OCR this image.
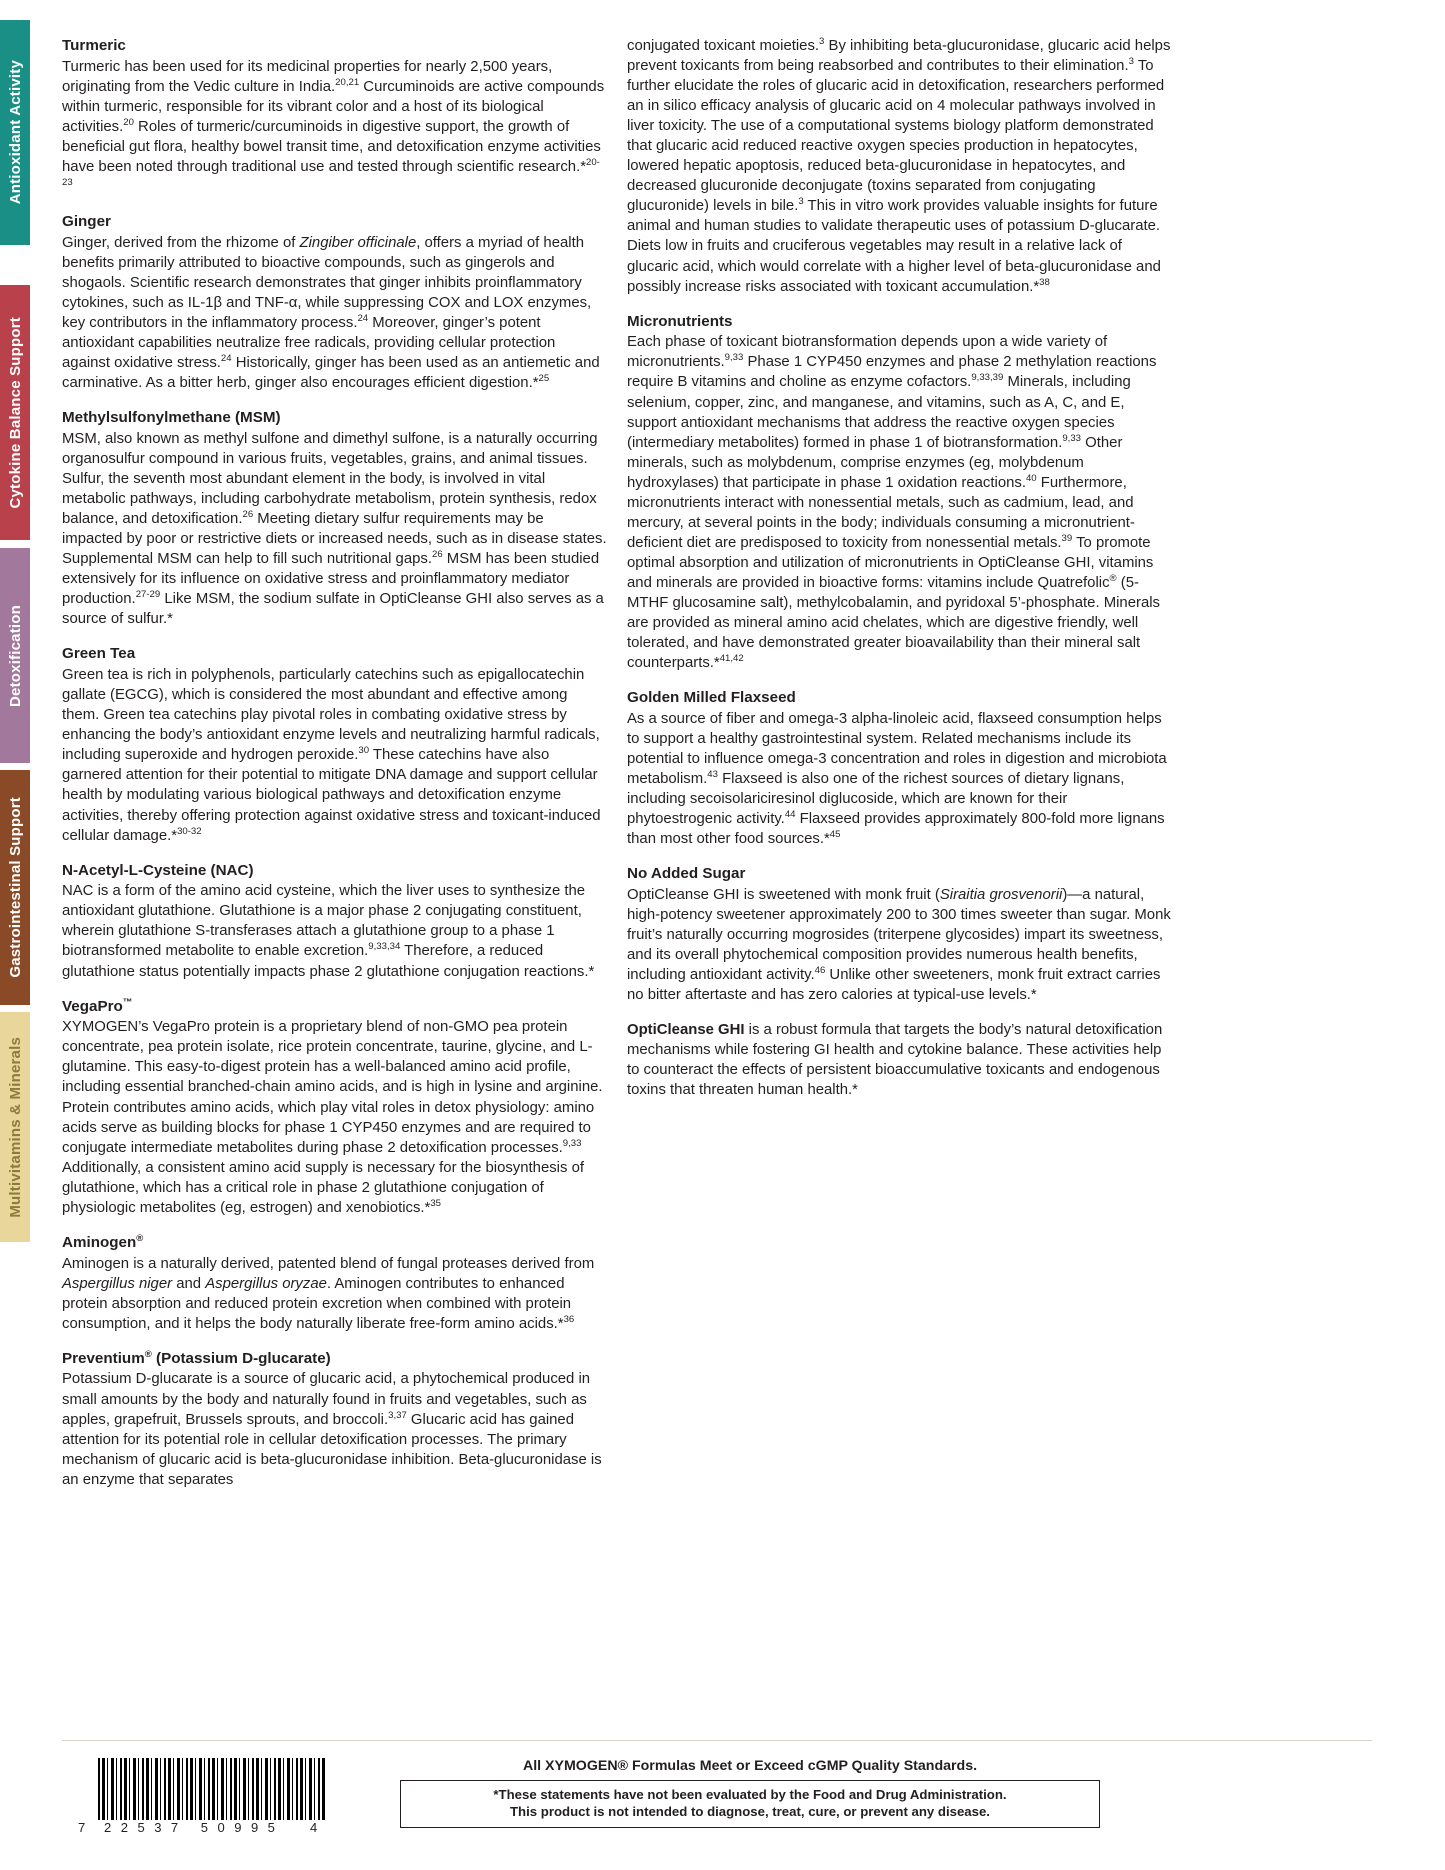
Antioxidant Activity
Cytokine Balance Support
Detoxification
Gastrointestinal Support
Multivitamins & Minerals
Turmeric

Turmeric has been used for its medicinal properties for nearly 2,500 years, originating from the Vedic culture in India.$^{20,21}$ Curcuminoids are active compounds within turmeric, responsible for its vibrant color and a host of its biological activities.$^{20}$ Roles of turmeric/curcuminoids in digestive support, the growth of beneficial gut flora, healthy bowel transit time, and detoxification enzyme activities have been noted through traditional use and tested through scientific research.*$^{20-23}$

Ginger

Ginger, derived from the rhizome of Zingiber officinale, offers a myriad of health benefits primarily attributed to bioactive compounds, such as gingerols and shogaols. Scientific research demonstrates that ginger inhibits proinflammatory cytokines, such as IL-1β and TNF-α, while suppressing COX and LOX enzymes, key contributors in the inflammatory process.$^{24}$ Moreover, ginger’s potent antioxidant capabilities neutralize free radicals, providing cellular protection against oxidative stress.$^{24}$ Historically, ginger has been used as an antiemetic and carminative. As a bitter herb, ginger also encourages efficient digestion.*$^{25}$

Methylsulfonylmethane (MSM)

MSM, also known as methyl sulfone and dimethyl sulfone, is a naturally occurring organosulfur compound in various fruits, vegetables, grains, and animal tissues. Sulfur, the seventh most abundant element in the body, is involved in vital metabolic pathways, including carbohydrate metabolism, protein synthesis, redox balance, and detoxification.$^{26}$ Meeting dietary sulfur requirements may be impacted by poor or restrictive diets or increased needs, such as in disease states. Supplemental MSM can help to fill such nutritional gaps.$^{26}$ MSM has been studied extensively for its influence on oxidative stress and proinflammatory mediator production.$^{27-29}$ Like MSM, the sodium sulfate in OptiCleanse GHI also serves as a source of sulfur.*

Green Tea

Green tea is rich in polyphenols, particularly catechins such as epigallocatechin gallate (EGCG), which is considered the most abundant and effective among them. Green tea catechins play pivotal roles in combating oxidative stress by enhancing the body’s antioxidant enzyme levels and neutralizing harmful radicals, including superoxide and hydrogen peroxide.$^{30}$ These catechins have also garnered attention for their potential to mitigate DNA damage and support cellular health by modulating various biological pathways and detoxification enzyme activities, thereby offering protection against oxidative stress and toxicant-induced cellular damage.*$^{30-32}$

N-Acetyl-L-Cysteine (NAC)

NAC is a form of the amino acid cysteine, which the liver uses to synthesize the antioxidant glutathione. Glutathione is a major phase 2 conjugating constituent, wherein glutathione S-transferases attach a glutathione group to a phase 1 biotransformed metabolite to enable excretion.$^{9,33,34}$ Therefore, a reduced glutathione status potentially impacts phase 2 glutathione conjugation reactions.*

VegaPro™

XYMOGEN’s VegaPro protein is a proprietary blend of non-GMO pea protein concentrate, pea protein isolate, rice protein concentrate, taurine, glycine, and L-glutamine. This easy-to-digest protein has a well-balanced amino acid profile, including essential branched-chain amino acids, and is high in lysine and arginine. Protein contributes amino acids, which play vital roles in detox physiology: amino acids serve as building blocks for phase 1 CYP450 enzymes and are required to conjugate intermediate metabolites during phase 2 detoxification processes.$^{9,33}$ Additionally, a consistent amino acid supply is necessary for the biosynthesis of glutathione, which has a critical role in phase 2 glutathione conjugation of physiologic metabolites (eg, estrogen) and xenobiotics.*$^{35}$

Aminogen®

Aminogen is a naturally derived, patented blend of fungal proteases derived from Aspergillus niger and Aspergillus oryzae. Aminogen contributes to enhanced protein absorption and reduced protein excretion when combined with protein consumption, and it helps the body naturally liberate free-form amino acids.*$^{36}$

Preventium® (Potassium D-glucarate)

Potassium D-glucarate is a source of glucaric acid, a phytochemical produced in small amounts by the body and naturally found in fruits and vegetables, such as apples, grapefruit, Brussels sprouts, and broccoli.$^{3,37}$ Glucaric acid has gained attention for its potential role in cellular detoxification processes. The primary mechanism of glucaric acid is beta-glucuronidase inhibition. Beta-glucuronidase is an enzyme that separates

conjugated toxicant moieties.$^3$ By inhibiting beta-glucuronidase, glucaric acid helps prevent toxicants from being reabsorbed and contributes to their elimination.$^3$ To further elucidate the roles of glucaric acid in detoxification, researchers performed an in silico efficacy analysis of glucaric acid on 4 molecular pathways involved in liver toxicity. The use of a computational systems biology platform demonstrated that glucaric acid reduced reactive oxygen species production in hepatocytes, lowered hepatic apoptosis, reduced beta-glucuronidase in hepatocytes, and decreased glucuronide deconjugate (toxins separated from conjugating glucuronide) levels in bile.$^3$ This in vitro work provides valuable insights for future animal and human studies to validate therapeutic uses of potassium D-glucarate. Diets low in fruits and cruciferous vegetables may result in a relative lack of glucaric acid, which would correlate with a higher level of beta-glucuronidase and possibly increase risks associated with toxicant accumulation.*$^{38}$

Micronutrients

Each phase of toxicant biotransformation depends upon a wide variety of micronutrients.$^{9,33}$ Phase 1 CYP450 enzymes and phase 2 methylation reactions require B vitamins and choline as enzyme cofactors.$^{9,33,39}$ Minerals, including selenium, copper, zinc, and manganese, and vitamins, such as A, C, and E, support antioxidant mechanisms that address the reactive oxygen species (intermediary metabolites) formed in phase 1 of biotransformation.$^{9,33}$ Other minerals, such as molybdenum, comprise enzymes (eg, molybdenum hydroxylases) that participate in phase 1 oxidation reactions.$^{40}$ Furthermore, micronutrients interact with nonessential metals, such as cadmium, lead, and mercury, at several points in the body; individuals consuming a micronutrient-deficient diet are predisposed to toxicity from nonessential metals.$^{39}$ To promote optimal absorption and utilization of micronutrients in OptiCleanse GHI, vitamins and minerals are provided in bioactive forms: vitamins include Quatrefolic® (5-MTHF glucosamine salt), methylcobalamin, and pyridoxal 5’-phosphate. Minerals are provided as mineral amino acid chelates, which are digestive friendly, well tolerated, and have demonstrated greater bioavailability than their mineral salt counterparts.*$^{41,42}$

Golden Milled Flaxseed

As a source of fiber and omega-3 alpha-linoleic acid, flaxseed consumption helps to support a healthy gastrointestinal system. Related mechanisms include its potential to influence omega-3 concentration and roles in digestion and microbiota metabolism.$^{43}$ Flaxseed is also one of the richest sources of dietary lignans, including secoisolariciresinol diglucoside, which are known for their phytoestrogenic activity.$^{44}$ Flaxseed provides approximately 800-fold more lignans than most other food sources.*$^{45}$

No Added Sugar

OptiCleanse GHI is sweetened with monk fruit (Siraitia grosvenorii)—a natural, high-potency sweetener approximately 200 to 300 times sweeter than sugar. Monk fruit’s naturally occurring mogrosides (triterpene glycosides) impart its sweetness, and its overall phytochemical composition provides numerous health benefits, including antioxidant activity.$^{46}$ Unlike other sweeteners, monk fruit extract carries no bitter aftertaste and has zero calories at typical-use levels.*

OptiCleanse GHI is a robust formula that targets the body’s natural detoxification mechanisms while fostering GI health and cytokine balance. These activities help to counteract the effects of persistent bioaccumulative toxicants and endogenous toxins that threaten human health.*

7 22537 50995 4
All XYMOGEN® Formulas Meet or Exceed cGMP Quality Standards.
*These statements have not been evaluated by the Food and Drug Administration.
This product is not intended to diagnose, treat, cure, or prevent any disease.
